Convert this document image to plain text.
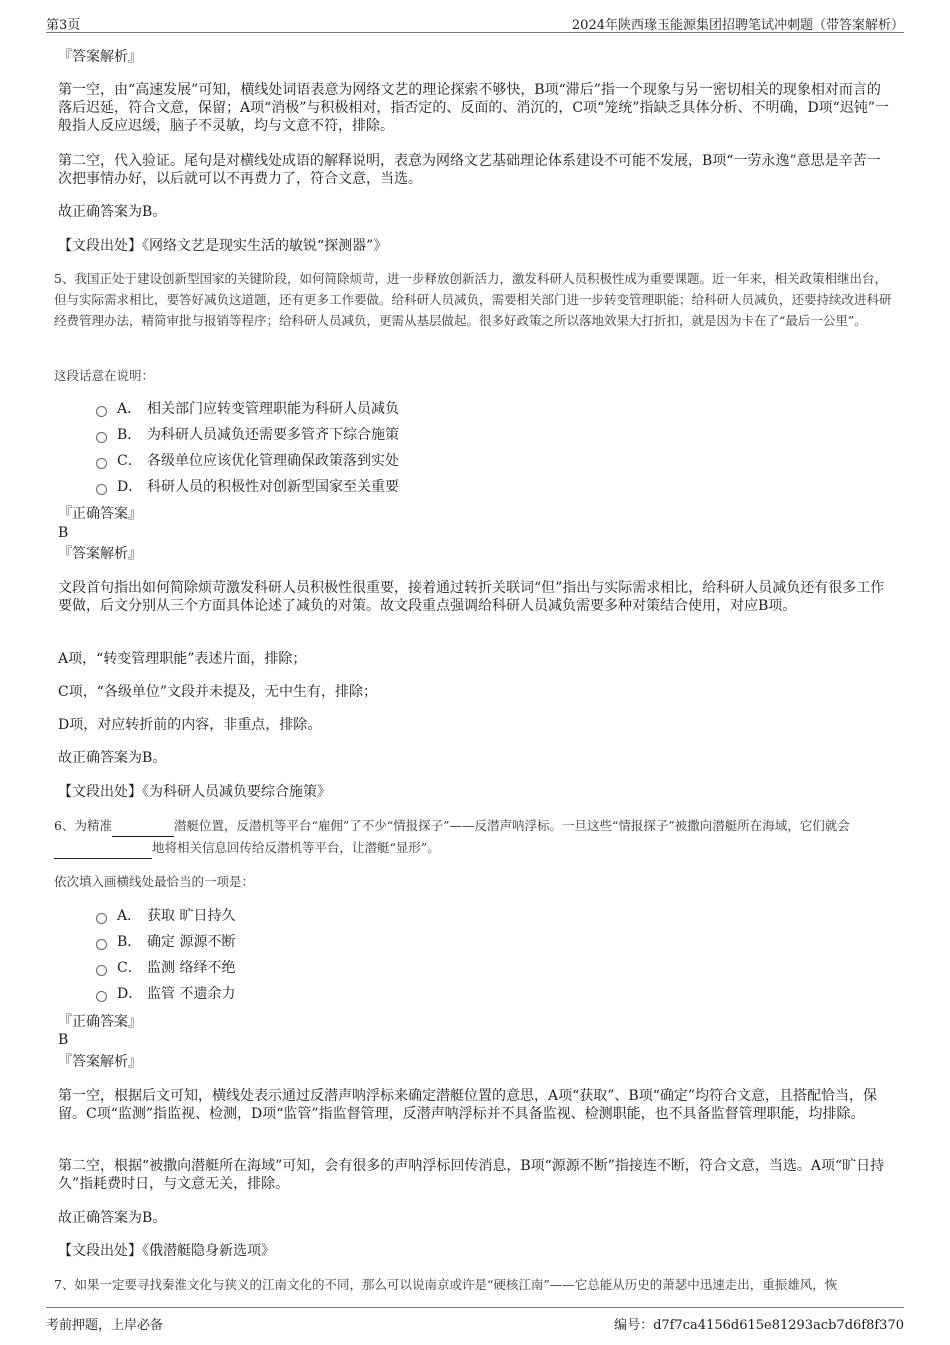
第3页	2024年陕西瑑玉能源集团招聘笔试冲刺题（带答案解析）
『答案解析』

第一空，由“高速发展”可知，横线处词语表意为网络文艺的理论探索不够快，B项“滞后”指一个现象与另一密切相关的现象相对而言的落后迟延，符合文意，保留；A项“消极”与积极相对，指否定的、反面的、消沉的，C项“笼统”指缺乏具体分析、不明确，D项“迟钝”一般指人反应迟缓，脑子不灵敏，均与文意不符，排除。

第二空，代入验证。尾句是对横线处成语的解释说明，表意为网络文艺基础理论体系建设不可能不发展，B项“一劳永逸”意思是辛苦一次把事情办好，以后就可以不再费力了，符合文意，当选。

故正确答案为B。

【文段出处】《网络文艺是现实生活的敏锐“探测器”》

5、我国正处于建设创新型国家的关键阶段，如何简除烦苛，进一步释放创新活力，激发科研人员积极性成为重要课题。近一年来，相关政策相继出台，但与实际需求相比，要答好减负这道题，还有更多工作要做。给科研人员减负，需要相关部门进一步转变管理职能；给科研人员减负，还要持续改进科研经费管理办法，精简审批与报销等程序；给科研人员减负，更需从基层做起。很多好政策之所以落地效果大打折扣，就是因为卡在了“最后一公里”。

这段话意在说明：
A． 相关部门应转变管理职能为科研人员减负
B． 为科研人员减负还需要多管齐下综合施策
C． 各级单位应该优化管理确保政策落到实处
D． 科研人员的积极性对创新型国家至关重要
『正确答案』
B
『答案解析』

文段首句指出如何简除烦苛激发科研人员积极性很重要，接着通过转折关联词“但”指出与实际需求相比，给科研人员减负还有很多工作要做，后文分别从三个方面具体论述了减负的对策。故文段重点强调给科研人员减负需要多种对策结合使用，对应B项。

A项，“转变管理职能”表述片面，排除；

C项，“各级单位”文段并未提及，无中生有，排除；

D项，对应转折前的内容，非重点，排除。

故正确答案为B。

【文段出处】《为科研人员减负要综合施策》

6、为精准	潜艇位置，反潜机等平台“雇佣”了不少“情报探子”——反潜声呐浮标。一旦这些“情报探子”被撒向潜艇所在海域，它们就会地将相关信息回传给反潜机等平台，让潜艇“显形”。

依次填入画横线处最恰当的一项是：
A． 获取 旷日持久
B． 确定 源源不断
C． 监测 络绎不绝
D． 监管 不遗余力
『正确答案』
B
『答案解析』

第一空，根据后文可知，横线处表示通过反潜声呐浮标来确定潜艇位置的意思，A项“获取”、B项“确定”均符合文意，且搭配恰当，保留。C项“监测”指监视、检测，D项“监管”指监督管理，反潜声呐浮标并不具备监视、检测职能，也不具备监督管理职能，均排除。

第二空，根据“被撒向潜艇所在海域”可知，会有很多的声呐浮标回传消息，B项“源源不断”指接连不断，符合文意，当选。A项“旷日持久”指耗费时日，与文意无关，排除。

故正确答案为B。

【文段出处】《俄潜艇隐身新选项》

7、如果一定要寻找秦淮文化与狭义的江南文化的不同，那么可以说南京或许是“硬核江南”——它总能从历史的萧瑟中迅速走出，重振雄风，恢

考前押题，上岸必备	编号：d7f7ca4156d615e81293acb7d6f8f370
